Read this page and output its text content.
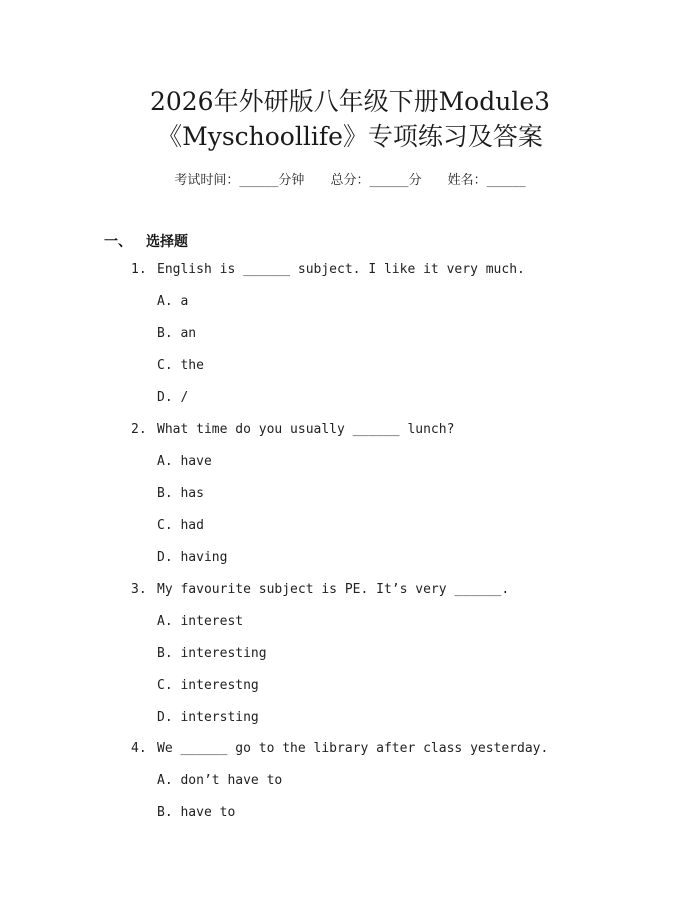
2026年外研版八年级下册Module3
《Myschoollife》专项练习及答案
考试时间：______分钟 总分：______分 姓名：______
一、 选择题
1. English is ______ subject. I like it very much.
A. a
B. an
C. the
D. /
2. What time do you usually ______ lunch?
A. have
B. has
C. had
D. having
3. My favourite subject is PE. It’s very ______.
A. interest
B. interesting
C. interestng
D. intersting
4. We ______ go to the library after class yesterday.
A. don’t have to
B. have to
